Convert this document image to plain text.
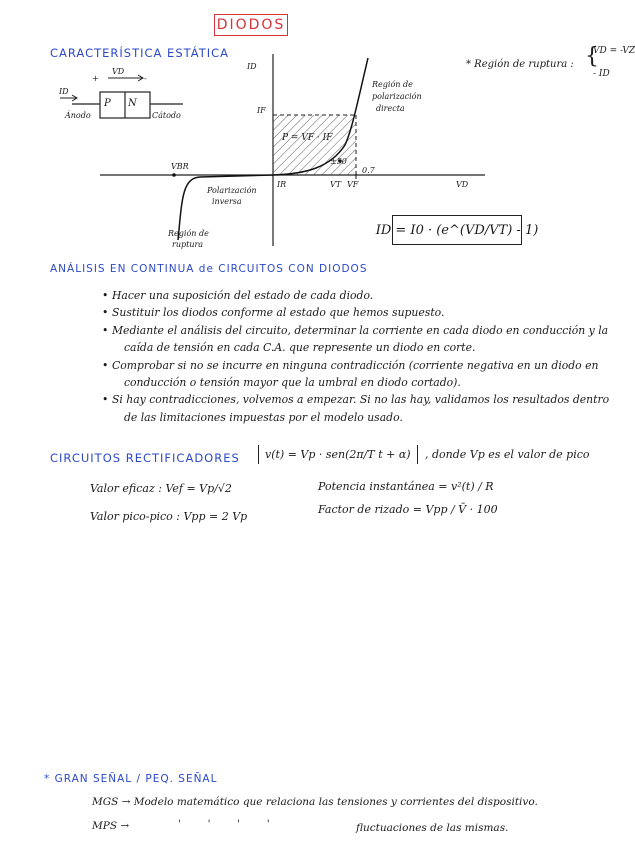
DIODOS
CARACTERÍSTICA ESTÁTICA
ID
VD
+	-
P N
Ánodo	Cátodo
ID
VD
IF
IR
VBR
VT VF
0.7
±50
P = VF · IF
Región de
polarización
directa
Polarización
inversa
Región de
ruptura
* Región de ruptura : {
VD = -VZ
- ID
ID = I0 · (e^(VD/VT) - 1)
ANÁLISIS EN CONTINUA de CIRCUITOS CON DIODOS

• Hacer una suposición del estado de cada diodo.

• Sustituir los diodos conforme al estado que hemos supuesto.

• Mediante el análisis del circuito, determinar la corriente en cada diodo en conducción y la

caída de tensión en cada C.A. que represente un diodo en corte.

• Comprobar si no se incurre en ninguna contradicción (corriente negativa en un diodo en

conducción o tensión mayor que la umbral en diodo cortado).

• Si hay contradicciones, volvemos a empezar. Si no las hay, validamos los resultados dentro

de las limitaciones impuestas por el modelo usado.

CIRCUITOS RECTIFICADORES	v(t) = Vp · sen(2π/T t + α)	, donde Vp es el valor de pico
Valor eficaz : Vef = Vp/√2
Valor pico-pico : Vpp = 2 Vp
Potencia instantánea = v²(t) / R
Factor de rizado = Vpp / V̄ · 100
* GRAN SEÑAL / PEQ. SEÑAL
MGS → Modelo matemático que relaciona las tensiones y corrientes del dispositivo.
MPS →	'        '        '        '	fluctuaciones de las mismas.
